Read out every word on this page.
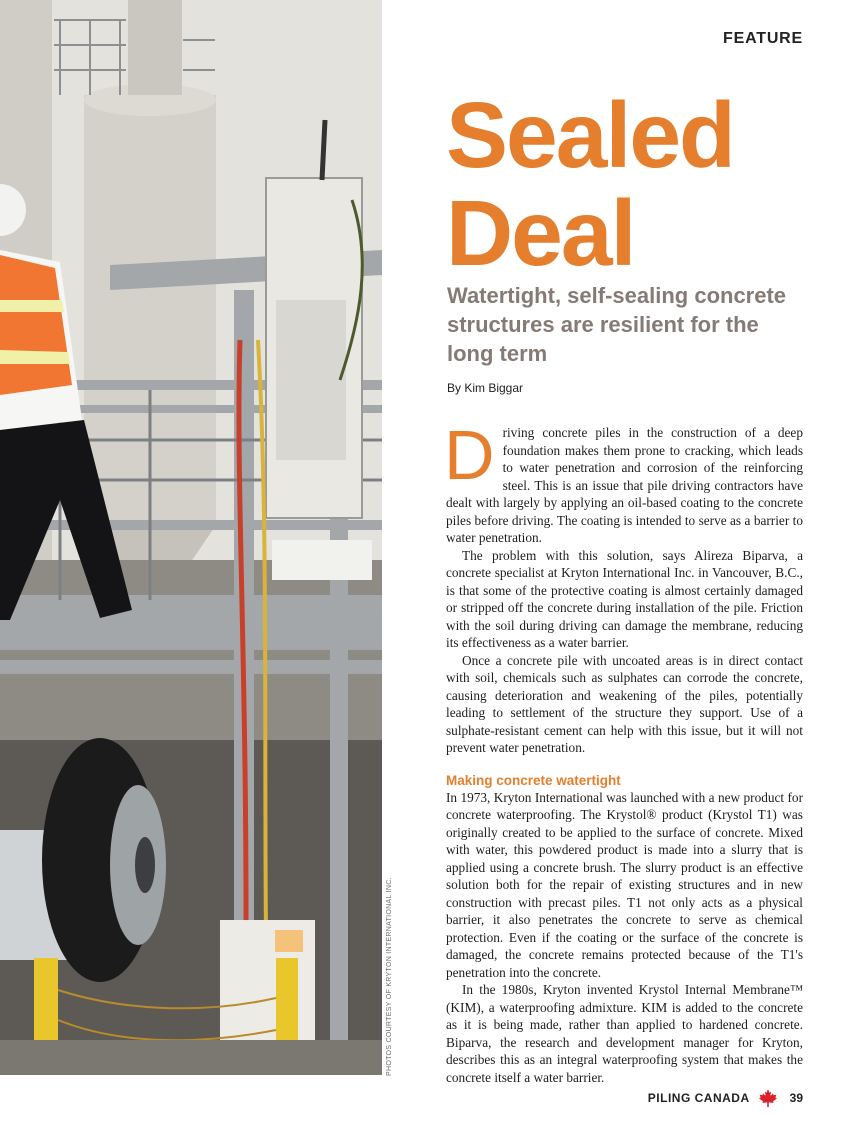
PHOTOS COURTESY OF KRYTON INTERNATIONAL INC.
FEATURE
Sealed
Deal
Watertight, self-sealing concrete structures are resilient for the long term
By Kim Biggar

Driving concrete piles in the construction of a deep foundation makes them prone to cracking, which leads to water penetration and corrosion of the reinforcing steel. This is an issue that pile driving contractors have dealt with largely by applying an oil-based coating to the concrete piles before driving. The coating is intended to serve as a barrier to water penetration.

The problem with this solution, says Alireza Biparva, a concrete specialist at Kryton International Inc. in Vancouver, B.C., is that some of the protective coating is almost certainly damaged or stripped off the concrete during installation of the pile. Friction with the soil during driving can damage the membrane, reducing its effectiveness as a water barrier.

Once a concrete pile with uncoated areas is in direct contact with soil, chemicals such as sulphates can corrode the concrete, causing deterioration and weakening of the piles, potentially leading to settlement of the structure they support. Use of a sulphate-resistant cement can help with this issue, but it will not prevent water penetration.

Making concrete watertight

In 1973, Kryton International was launched with a new product for concrete waterproofing. The Krystol® product (Krystol T1) was originally created to be applied to the surface of concrete. Mixed with water, this powdered product is made into a slurry that is applied using a concrete brush. The slurry product is an effective solution both for the repair of existing structures and in new construction with precast piles. T1 not only acts as a physical barrier, it also penetrates the concrete to serve as chemical protection. Even if the coating or the surface of the concrete is damaged, the concrete remains protected because of the T1's penetration into the concrete.

In the 1980s, Kryton invented Krystol Internal Membrane™ (KIM), a waterproofing admixture. KIM is added to the concrete as it is being made, rather than applied to hardened concrete. Biparva, the research and development manager for Kryton, describes this as an integral waterproofing system that makes the concrete itself a water barrier.

PILING CANADA	39
